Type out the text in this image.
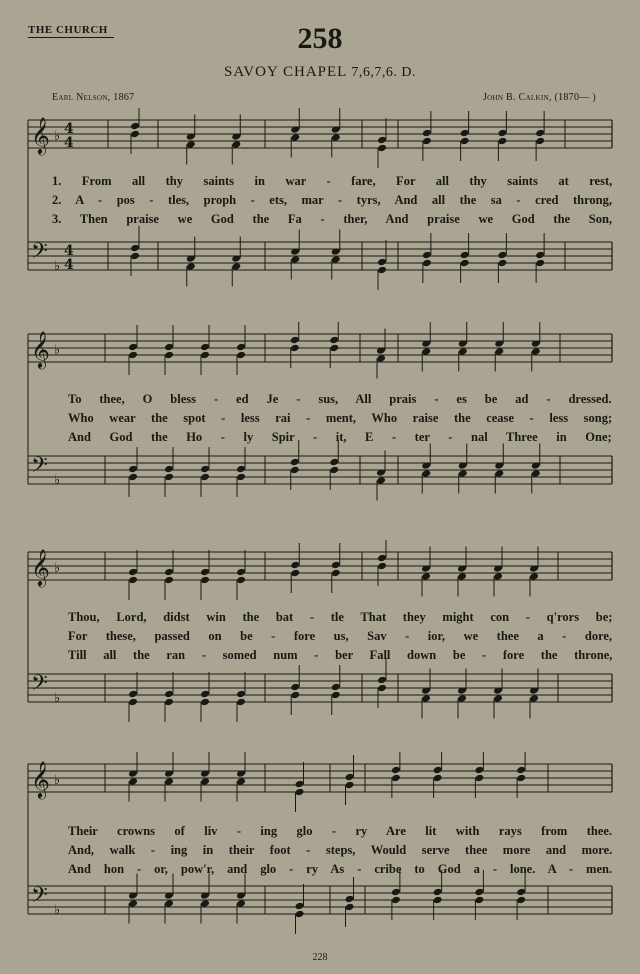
THE CHURCH	258
SAVOY CHAPEL 7,6,7,6. D.
Earl Nelson, 1867	John B. Calkin, (1870— )
𝄞 ♭
𝄢 ♭
4
4
4
4
1. From all thy saints in war - fare, For all thy saints at rest,
2. A - pos - tles, proph - ets, mar - tyrs, And all the sa - cred throng,
3. Then praise we God the Fa - ther, And praise we God the Son,
𝄞 ♭
𝄢 ♭
To thee, O bless - ed Je - sus, All prais - es be ad - dressed.
Who wear the spot - less rai - ment, Who raise the cease - less song;
And God the Ho - ly Spir - it, E - ter - nal Three in One;
𝄞 ♭
𝄢 ♭
Thou, Lord, didst win the bat - tle That they might con - q'rors be;
For these, passed on be - fore us, Sav - ior, we thee a - dore,
Till all the ran - somed num - ber Fall down be - fore the throne,
𝄞 ♭
𝄢 ♭
Their crowns of liv - ing glo - ry Are lit with rays from thee.
And, walk - ing in their foot - steps, Would serve thee more and more.
And hon - or, pow'r, and glo - ry As - cribe to God a - lone. A - men.
228
